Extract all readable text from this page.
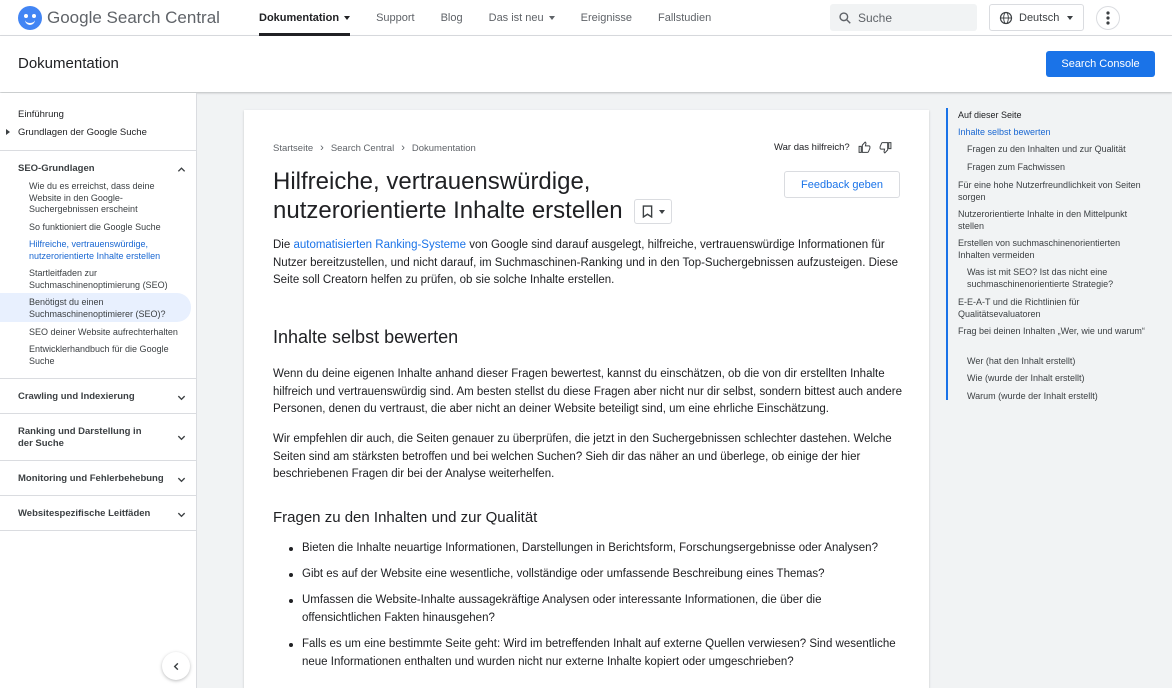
Google Search Central	Dokumentation	Support Blog Das ist neu	Ereignisse Fallstudien
Suche	Deutsch
Dokumentation	Search Console
Einführung
Grundlagen der Google Suche
SEO-Grundlagen
Wie du es erreichst, dass deine Website in den Google-Suchergebnissen erscheint
So funktioniert die Google Suche
Hilfreiche, vertrauenswürdige, nutzerorientierte Inhalte erstellen
Startleitfaden zur Suchmaschinenoptimierung (SEO)
Benötigst du einen Suchmaschinenoptimierer (SEO)?
SEO deiner Website aufrechterhalten
Entwicklerhandbuch für die Google Suche
Crawling und Indexierung
Ranking und Darstellung in der Suche
Monitoring und Fehlerbehebung
Websitespezifische Leitfäden
Startseite › Search Central › Dokumentation	War das hilfreich?
Feedback geben
Hilfreiche, vertrauenswürdige, nutzerorientierte Inhalte erstellen

Die automatisierten Ranking-Systeme von Google sind darauf ausgelegt, hilfreiche, vertrauenswürdige Informationen für Nutzer bereitzustellen, und nicht darauf, im Suchmaschinen-Ranking und in den Top-Suchergebnissen aufzusteigen. Diese Seite soll Creatorn helfen zu prüfen, ob sie solche Inhalte erstellen.

Inhalte selbst bewerten

Wenn du deine eigenen Inhalte anhand dieser Fragen bewertest, kannst du einschätzen, ob die von dir erstellten Inhalte hilfreich und vertrauenswürdig sind. Am besten stellst du diese Fragen aber nicht nur dir selbst, sondern bittest auch andere Personen, denen du vertraust, die aber nicht an deiner Website beteiligt sind, um eine ehrliche Einschätzung.

Wir empfehlen dir auch, die Seiten genauer zu überprüfen, die jetzt in den Suchergebnissen schlechter dastehen. Welche Seiten sind am stärksten betroffen und bei welchen Suchen? Sieh dir das näher an und überlege, ob einige der hier beschriebenen Fragen dir bei der Analyse weiterhelfen.

Fragen zu den Inhalten und zur Qualität
Bieten die Inhalte neuartige Informationen, Darstellungen in Berichtsform, Forschungsergebnisse oder Analysen?
Gibt es auf der Website eine wesentliche, vollständige oder umfassende Beschreibung eines Themas?
Umfassen die Website-Inhalte aussagekräftige Analysen oder interessante Informationen, die über die offensichtlichen Fakten hinausgehen?
Falls es um eine bestimmte Seite geht: Wird im betreffenden Inhalt auf externe Quellen verwiesen? Sind wesentliche neue Informationen enthalten und wurden nicht nur externe Inhalte kopiert oder umgeschrieben?
Auf dieser Seite
Inhalte selbst bewerten
Fragen zu den Inhalten und zur Qualität
Fragen zum Fachwissen
Für eine hohe Nutzerfreundlichkeit von Seiten sorgen
Nutzerorientierte Inhalte in den Mittelpunkt stellen
Erstellen von suchmaschinenorientierten Inhalten vermeiden
Was ist mit SEO? Ist das nicht eine suchmaschinenorientierte Strategie?
E-E-A-T und die Richtlinien für Qualitätsevaluatoren
Frag bei deinen Inhalten „Wer, wie und warum“
Wer (hat den Inhalt erstellt)
Wie (wurde der Inhalt erstellt)
Warum (wurde der Inhalt erstellt)
